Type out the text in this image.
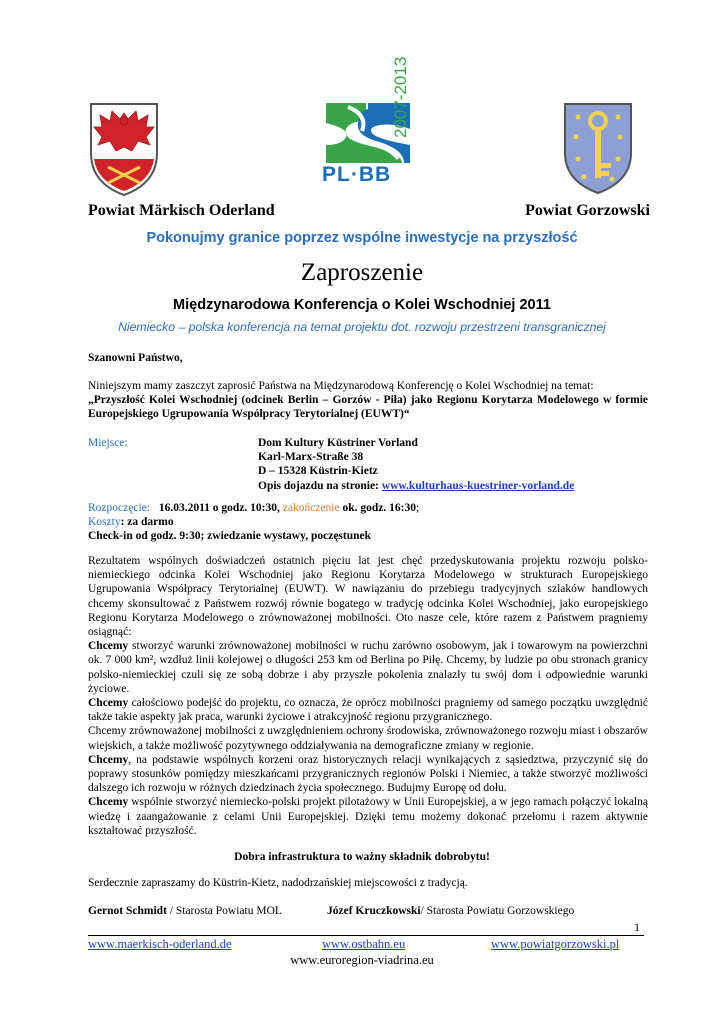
PL·BB
2007-2013
Powiat Märkisch Oderland	Powiat Gorzowski
Pokonujmy granice poprzez wspólne inwestycje na przyszłość
Zaproszenie
Międzynarodowa Konferencja o Kolei Wschodniej 2011
Niemiecko – polska konferencja na temat projektu dot. rozwoju przestrzeni transgranicznej
Szanowni Państwo,
Niniejszym mamy zaszczyt zaprosić Państwa na Międzynarodową Konferencję o Kolei Wschodniej na temat:
„Przyszłość Kolei Wschodniej (odcinek Berlin – Gorzów - Piła) jako Regionu Korytarza Modelowego w formie Europejskiego Ugrupowania Współpracy Terytorialnej (EUWT)“
Miejsce:	Dom Kultury Küstriner Vorland
Karl-Marx-Straße 38
D – 15328 Küstrin-Kietz
Opis dojazdu na stronie: www.kulturhaus-kuestriner-vorland.de
Rozpoczęcie: 16.03.2011 o godz. 10:30, zakończenie ok. godz. 16:30;
Koszty: za darmo
Check-in od godz. 9:30; zwiedzanie wystawy, poczęstunek

Rezultatem wspólnych doświadczeń ostatnich pięciu lat jest chęć przedyskutowania projektu rozwoju polsko-niemieckiego odcinka Kolei Wschodniej jako Regionu Korytarza Modelowego w strukturach Europejskiego Ugrupowania Współpracy Terytorialnej (EUWT). W nawiązaniu do przebiegu tradycyjnych szlaków handlowych chcemy skonsultować z Państwem rozwój równie bogatego w tradycję odcinka Kolei Wschodniej, jako europejskiego Regionu Korytarza Modelowego o zrównoważonej mobilności. Oto nasze cele, które razem z Państwem pragniemy osiągnąć:

Chcemy stworzyć warunki zrównoważonej mobilności w ruchu zarówno osobowym, jak i towarowym na powierzchni ok. 7 000 km², wzdłuż linii kolejowej o długości 253 km od Berlina po Piłę. Chcemy, by ludzie po obu stronach granicy polsko-niemieckiej czuli się ze sobą dobrze i aby przyszłe pokolenia znalazły tu swój dom i odpowiednie warunki życiowe.

Chcemy całościowo podejść do projektu, co oznacza, że oprócz mobilności pragniemy od samego początku uwzględnić także takie aspekty jak praca, warunki życiowe i atrakcyjność regionu przygranicznego.

Chcemy zrównoważonej mobilności z uwzględnieniem ochrony środowiska, zrównoważonego rozwoju miast i obszarów wiejskich, a także możliwość pozytywnego oddziaływania na demograficzne zmiany w regionie.

Chcemy, na podstawie wspólnych korzeni oraz historycznych relacji wynikających z sąsiedztwa, przyczynić się do poprawy stosunków pomiędzy mieszkańcami przygranicznych regionów Polski i Niemiec, a także stworzyć możliwości dalszego ich rozwoju w różnych dziedzinach życia społecznego. Budujmy Europę od dołu.

Chcemy wspólnie stworzyć niemiecko-polski projekt pilotażowy w Unii Europejskiej, a w jego ramach połączyć lokalną wiedzę i zaangażowanie z celami Unii Europejskiej. Dzięki temu możemy dokonać przełomu i razem aktywnie kształtować przyszłość.

Dobra infrastruktura to ważny składnik dobrobytu!
Serdecznie zapraszamy do Küstrin-Kietz, nadodrzańskiej miejscowości z tradycją.
Gernot Schmidt / Starosta Powiatu MOL	Józef Kruczkowski/ Starosta Powiatu Gorzowskiego
1
www.maerkisch-oderland.de	www.ostbahn.eu	www.powiatgorzowski.pl
www.euroregion-viadrina.eu
